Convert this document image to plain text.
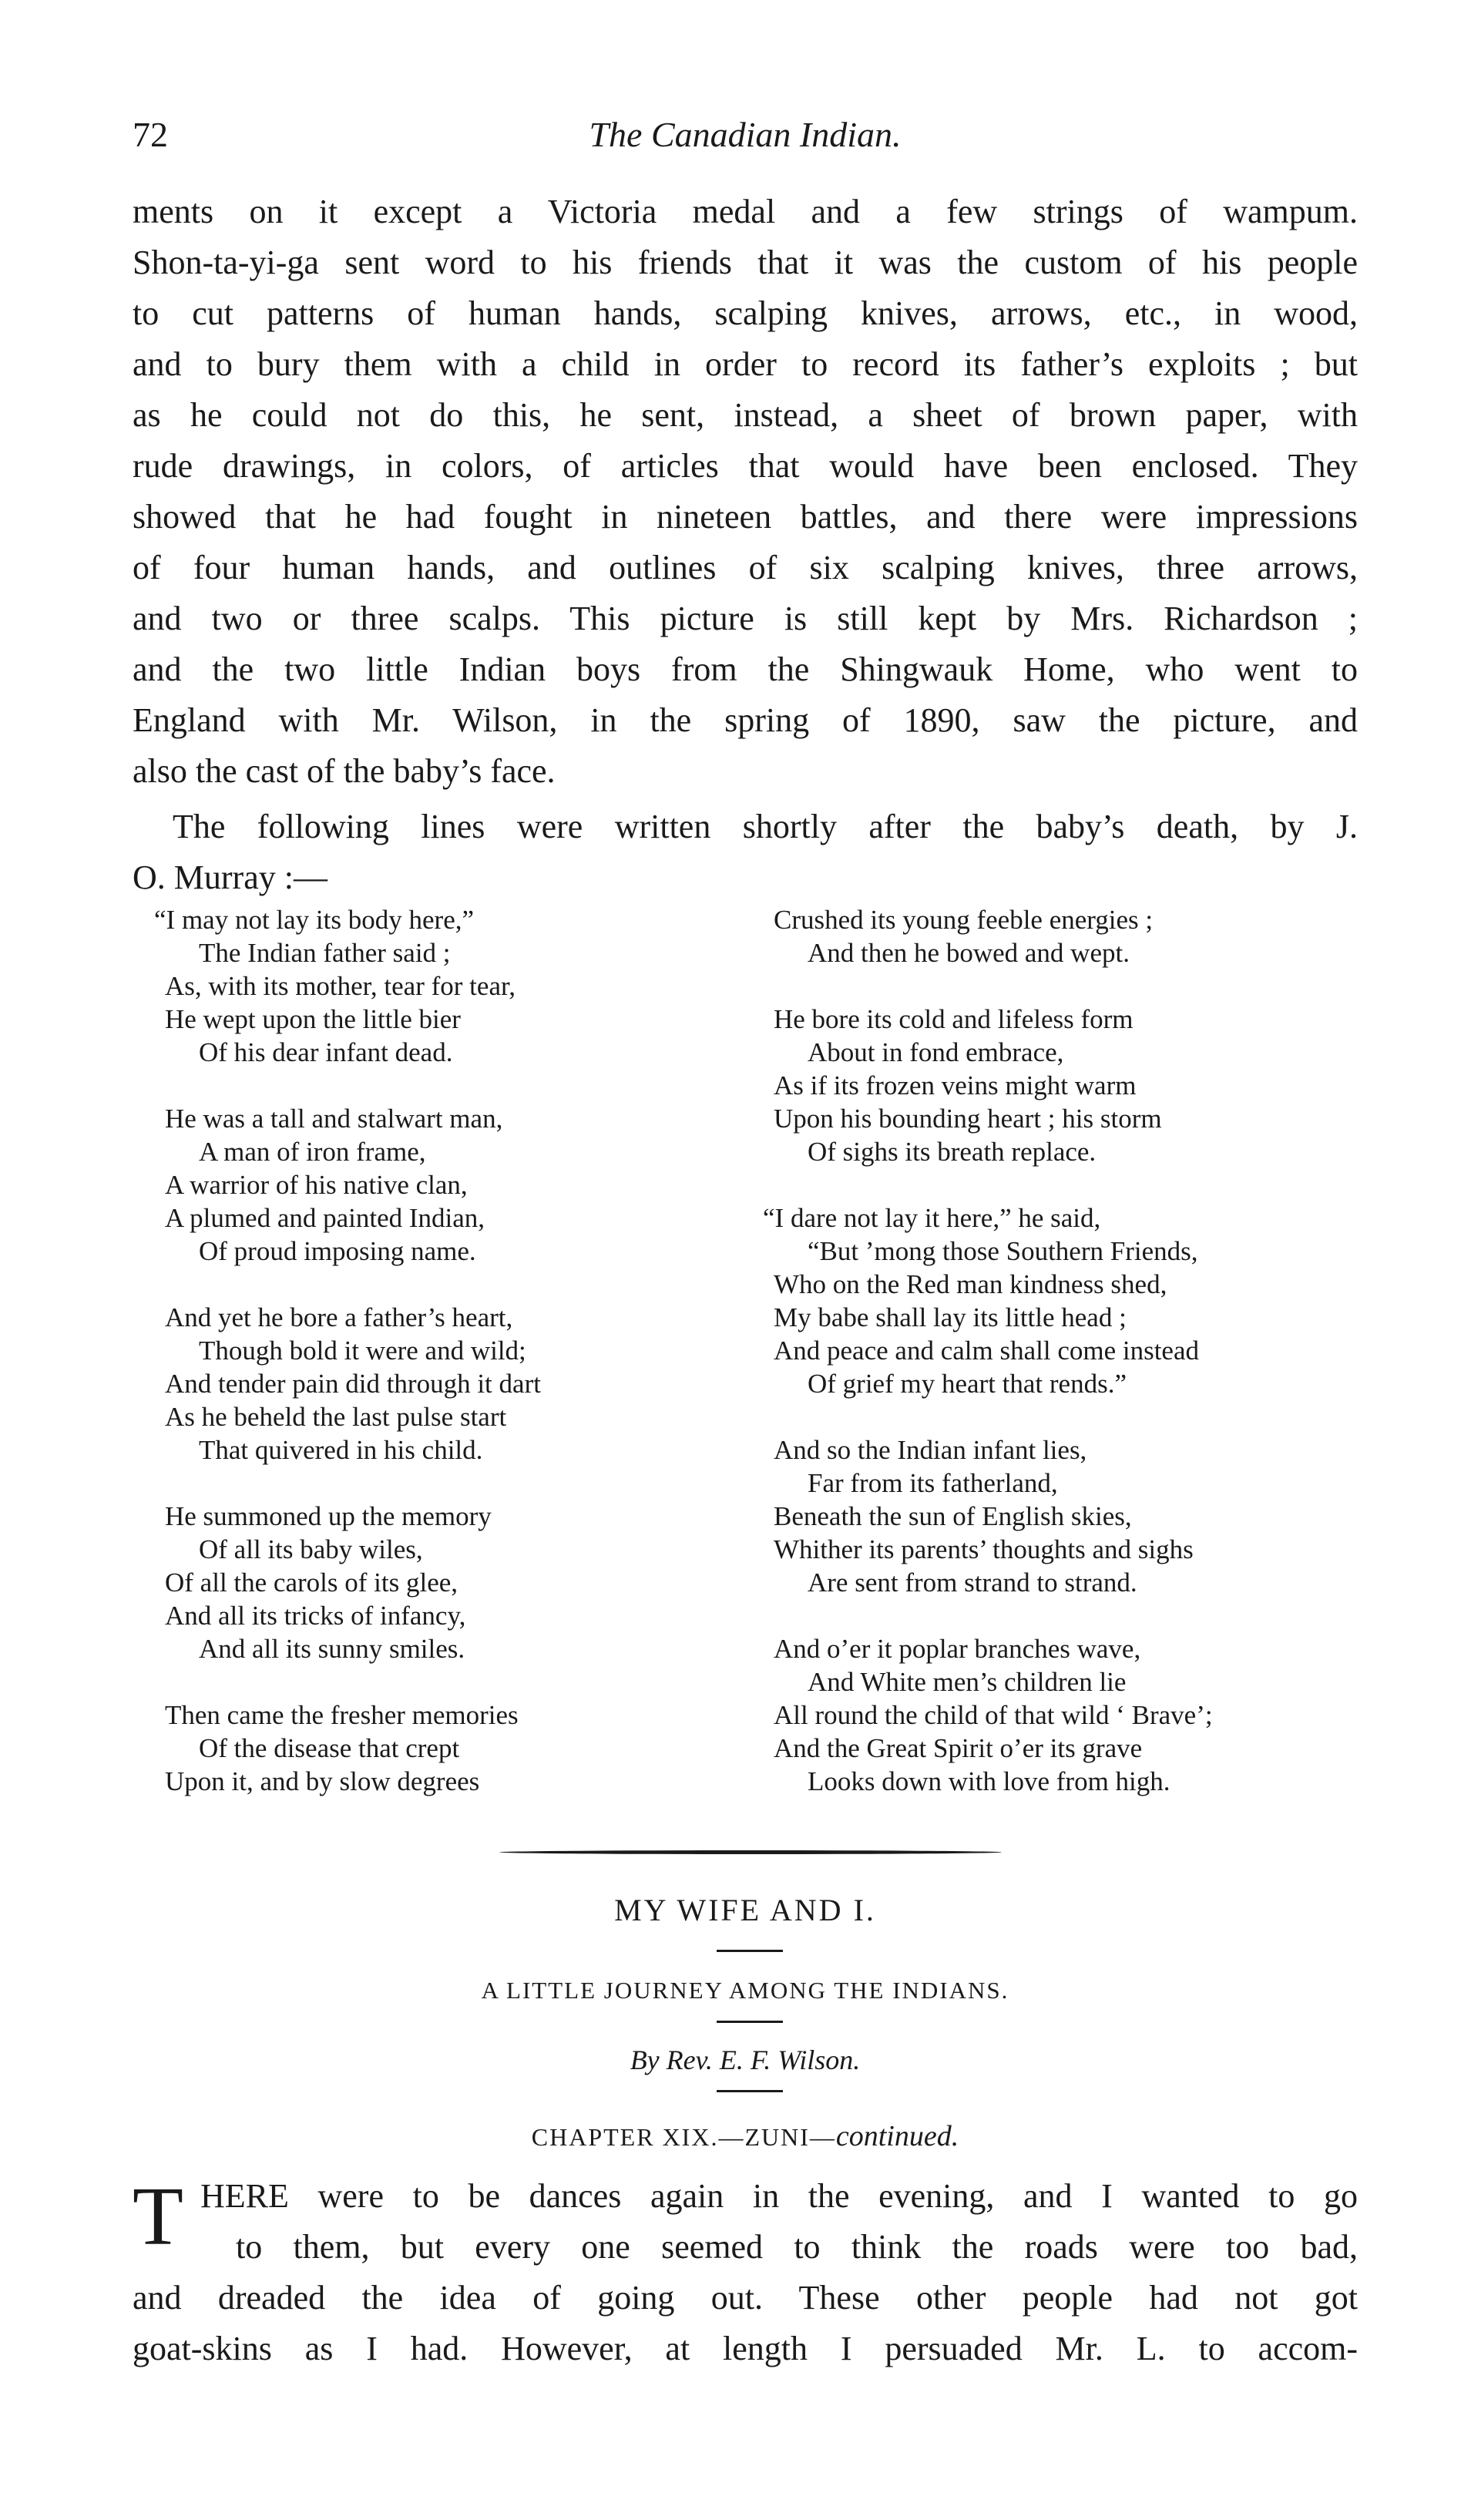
72	The Canadian Indian.
ments on it except a Victoria medal and a few strings of wampum.
Shon-ta-yi-ga sent word to his friends that it was the custom of his people
to cut patterns of human hands, scalping knives, arrows, etc., in wood,
and to bury them with a child in order to record its father’s exploits ; but
as he could not do this, he sent, instead, a sheet of brown paper, with
rude drawings, in colors, of articles that would have been enclosed. They
showed that he had fought in nineteen battles, and there were impressions
of four human hands, and outlines of six scalping knives, three arrows,
and two or three scalps. This picture is still kept by Mrs. Richardson ;
and the two little Indian boys from the Shingwauk Home, who went to
England with Mr. Wilson, in the spring of 1890, saw the picture, and
also the cast of the baby’s face.
The following lines were written shortly after the baby’s death, by J.
O. Murray :—
“I may not lay its body here,”
The Indian father said ;
As, with its mother, tear for tear,
He wept upon the little bier
Of his dear infant dead.
He was a tall and stalwart man,
A man of iron frame,
A warrior of his native clan,
A plumed and painted Indian,
Of proud imposing name.
And yet he bore a father’s heart,
Though bold it were and wild;
And tender pain did through it dart
As he beheld the last pulse start
That quivered in his child.
He summoned up the memory
Of all its baby wiles,
Of all the carols of its glee,
And all its tricks of infancy,
And all its sunny smiles.
Then came the fresher memories
Of the disease that crept
Upon it, and by slow degrees
Crushed its young feeble energies ;
And then he bowed and wept.
He bore its cold and lifeless form
About in fond embrace,
As if its frozen veins might warm
Upon his bounding heart ; his storm
Of sighs its breath replace.
“I dare not lay it here,” he said,
“But ’mong those Southern Friends,
Who on the Red man kindness shed,
My babe shall lay its little head ;
And peace and calm shall come instead
Of grief my heart that rends.”
And so the Indian infant lies,
Far from its fatherland,
Beneath the sun of English skies,
Whither its parents’ thoughts and sighs
Are sent from strand to strand.
And o’er it poplar branches wave,
And White men’s children lie
All round the child of that wild ‘ Brave’;
And the Great Spirit o’er its grave
Looks down with love from high.
MY WIFE AND I.
A LITTLE JOURNEY AMONG THE INDIANS.
By Rev. E. F. Wilson.
CHAPTER XIX.—ZUNI—continued.
T HERE were to be dances again in the evening, and I wanted to go
to them, but every one seemed to think the roads were too bad,
and dreaded the idea of going out. These other people had not got
goat-skins as I had. However, at length I persuaded Mr. L. to accom-
